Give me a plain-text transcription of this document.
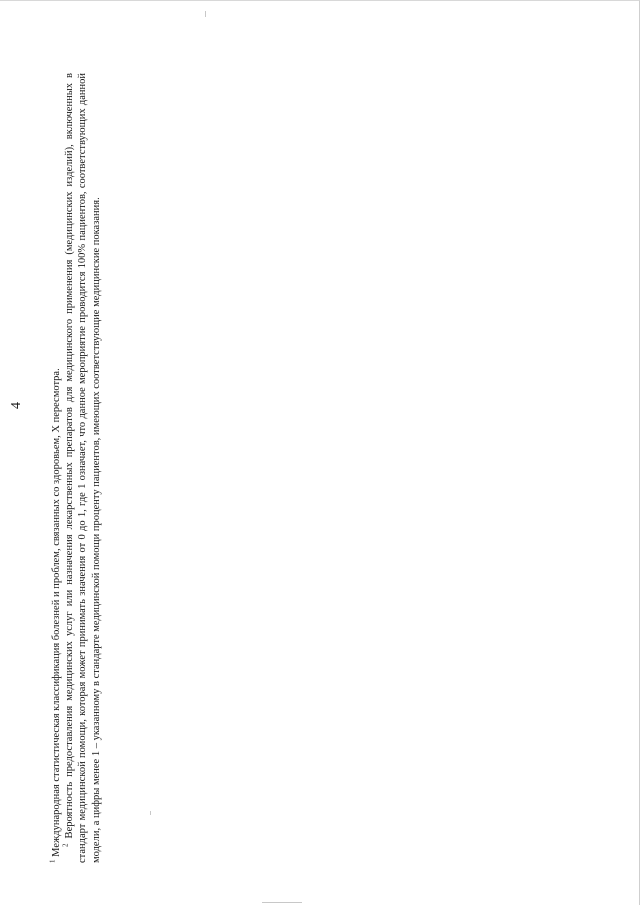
4

$^1$ Международная статистическая классификация болезней и проблем, связанных со здоровьем, X пересмотра. $^2$ Вероятность предоставления медицинских услуг или назначения лекарственных препаратов для медицинского применения (медицинских изделий), включенных в стандарт медицинской помощи, которая может принимать значения от 0 до 1, где 1 означает, что данное мероприятие проводится 100% пациентов, соответствующих данной модели, а цифры менее 1 – указанному в стандарте медицинской помощи проценту пациентов, имеющих соответствующие медицинские показания.
